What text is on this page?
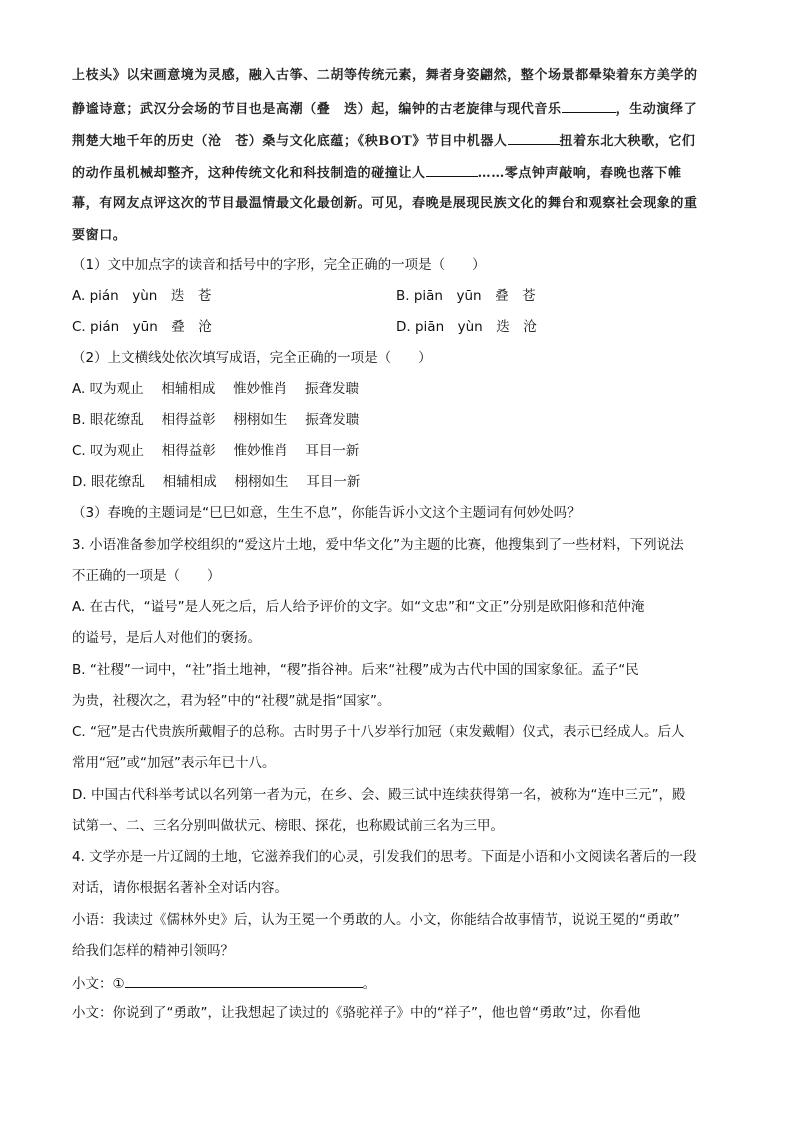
上枝头》以宋画意境为灵感，融入古筝、二胡等传统元素，舞者身姿翩然，整个场景都晕染着东方美学的
静谧诗意；武汉分会场的节目也是高潮（叠　迭）起，编钟的古老旋律与现代音乐	，生动演绎了
荆楚大地千年的历史（沧　苍）桑与文化底蕴；《秧BOT》节目中机器人	扭着东北大秧歌，它们
的动作虽机械却整齐，这种传统文化和科技制造的碰撞让人	……零点钟声敲响，春晚也落下帷
幕，有网友点评这次的节目最温情最文化最创新。可见，春晚是展现民族文化的舞台和观察社会现象的重
要窗口。
（1）文中加点字的读音和括号中的字形，完全正确的一项是（　　）
A. pián　yùn　迭　苍	B. piān　yūn　叠　苍
C. pián　yūn　叠　沧	D. piān　yùn　迭　沧
（2）上文横线处依次填写成语，完全正确的一项是（　　）
A. 叹为观止　 相辅相成　 惟妙惟肖　 振聋发聩
B. 眼花缭乱　 相得益彰　 栩栩如生　 振聋发聩
C. 叹为观止　 相得益彰　 惟妙惟肖　 耳目一新
D. 眼花缭乱　 相辅相成　 栩栩如生　 耳目一新
（3）春晚的主题词是“巳巳如意，生生不息”，你能告诉小文这个主题词有何妙处吗？
3. 小语准备参加学校组织的“爱这片土地，爱中华文化”为主题的比赛，他搜集到了一些材料，下列说法
不正确的一项是（　　）
A. 在古代，“谥号”是人死之后，后人给予评价的文字。如“文忠”和“文正”分别是欧阳修和范仲淹
的谥号，是后人对他们的褒扬。
B. “社稷”一词中，“社”指土地神，“稷”指谷神。后来“社稷”成为古代中国的国家象征。孟子“民
为贵，社稷次之，君为轻”中的“社稷”就是指“国家”。
C. “冠”是古代贵族所戴帽子的总称。古时男子十八岁举行加冠（束发戴帽）仪式，表示已经成人。后人
常用“冠”或“加冠”表示年已十八。
D. 中国古代科举考试以名列第一者为元，在乡、会、殿三试中连续获得第一名，被称为“连中三元”，殿
试第一、二、三名分别叫做状元、榜眼、探花，也称殿试前三名为三甲。
4. 文学亦是一片辽阔的土地，它滋养我们的心灵，引发我们的思考。下面是小语和小文阅读名著后的一段
对话，请你根据名著补全对话内容。
小语：我读过《儒林外史》后，认为王冕一个勇敢的人。小文，你能结合故事情节，说说王冕的“勇敢”
给我们怎样的精神引领吗？
小文：①	。
小文：你说到了“勇敢”，让我想起了读过的《骆驼祥子》中的“祥子”，他也曾“勇敢”过，你看他
